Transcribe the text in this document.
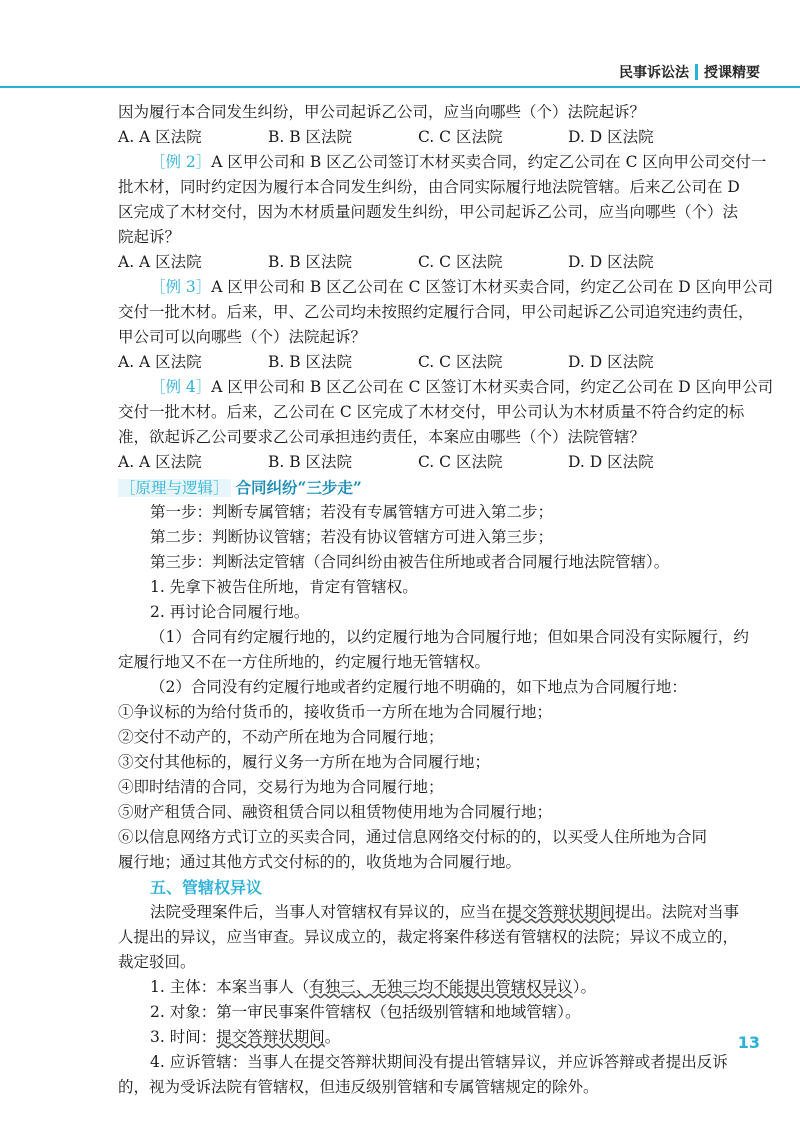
民事诉讼法 授课精要
因为履行本合同发生纠纷，甲公司起诉乙公司，应当向哪些（个）法院起诉？
A. A 区法院	B. B 区法院	C. C 区法院	D. D 区法院
［例 2］A 区甲公司和 B 区乙公司签订木材买卖合同，约定乙公司在 C 区向甲公司交付一
批木材，同时约定因为履行本合同发生纠纷，由合同实际履行地法院管辖。后来乙公司在 D
区完成了木材交付，因为木材质量问题发生纠纷，甲公司起诉乙公司，应当向哪些（个）法
院起诉？
A. A 区法院	B. B 区法院	C. C 区法院	D. D 区法院
［例 3］A 区甲公司和 B 区乙公司在 C 区签订木材买卖合同，约定乙公司在 D 区向甲公司
交付一批木材。后来，甲、乙公司均未按照约定履行合同，甲公司起诉乙公司追究违约责任，
甲公司可以向哪些（个）法院起诉？
A. A 区法院	B. B 区法院	C. C 区法院	D. D 区法院
［例 4］A 区甲公司和 B 区乙公司在 C 区签订木材买卖合同，约定乙公司在 D 区向甲公司
交付一批木材。后来，乙公司在 C 区完成了木材交付，甲公司认为木材质量不符合约定的标
准，欲起诉乙公司要求乙公司承担违约责任，本案应由哪些（个）法院管辖？
A. A 区法院	B. B 区法院	C. C 区法院	D. D 区法院
［原理与逻辑］ 合同纠纷“三步走”
第一步：判断专属管辖；若没有专属管辖方可进入第二步；
第二步：判断协议管辖；若没有协议管辖方可进入第三步；
第三步：判断法定管辖（合同纠纷由被告住所地或者合同履行地法院管辖）。
1. 先拿下被告住所地，肯定有管辖权。
2. 再讨论合同履行地。
（1）合同有约定履行地的，以约定履行地为合同履行地；但如果合同没有实际履行，约
定履行地又不在一方住所地的，约定履行地无管辖权。
（2）合同没有约定履行地或者约定履行地不明确的，如下地点为合同履行地：
①争议标的为给付货币的，接收货币一方所在地为合同履行地；
②交付不动产的，不动产所在地为合同履行地；
③交付其他标的，履行义务一方所在地为合同履行地；
④即时结清的合同，交易行为地为合同履行地；
⑤财产租赁合同、融资租赁合同以租赁物使用地为合同履行地；
⑥以信息网络方式订立的买卖合同，通过信息网络交付标的的，以买受人住所地为合同
履行地；通过其他方式交付标的的，收货地为合同履行地。
五、管辖权异议
法院受理案件后，当事人对管辖权有异议的，应当在提交答辩状期间提出。法院对当事
人提出的异议，应当审查。异议成立的，裁定将案件移送有管辖权的法院；异议不成立的，
裁定驳回。
1. 主体：本案当事人（有独三、无独三均不能提出管辖权异议）。
2. 对象：第一审民事案件管辖权（包括级别管辖和地域管辖）。
3. 时间：提交答辩状期间。
4. 应诉管辖：当事人在提交答辩状期间没有提出管辖异议，并应诉答辩或者提出反诉
的，视为受诉法院有管辖权，但违反级别管辖和专属管辖规定的除外。
13
